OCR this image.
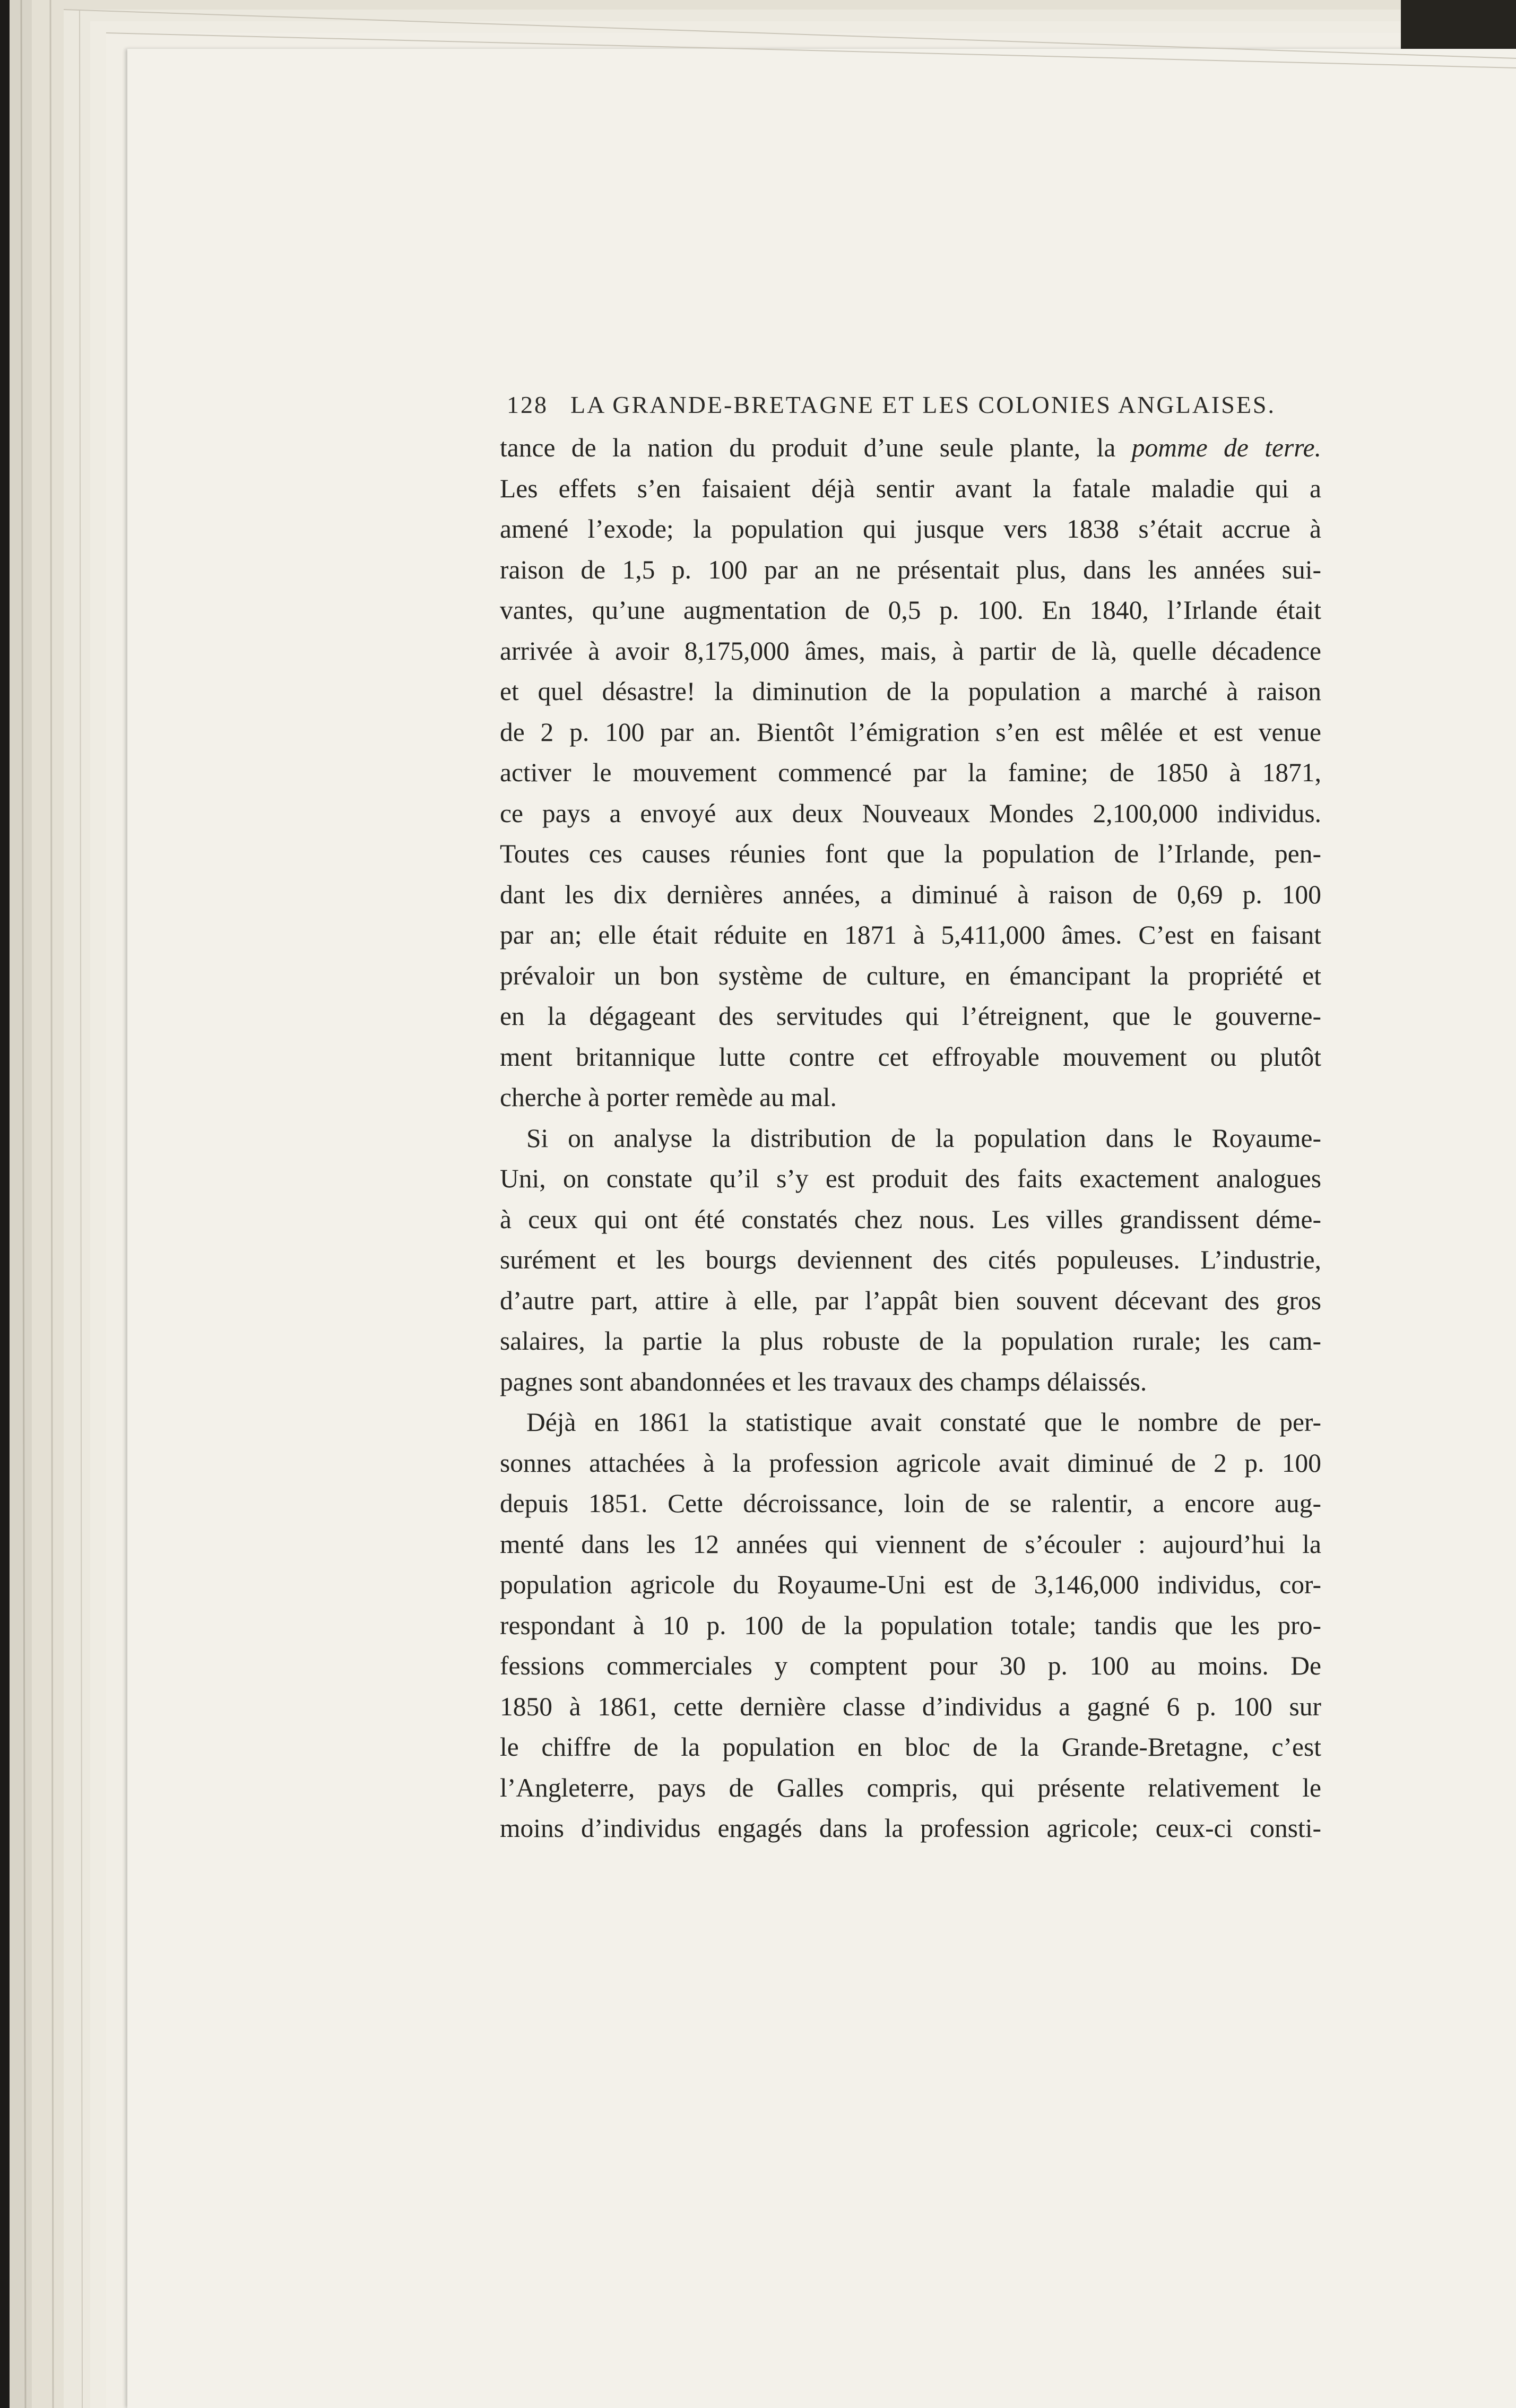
128 LA GRANDE-BRETAGNE ET LES COLONIES ANGLAISES.
tance de la nation du produit d’une seule plante, la pomme de terre.
Les effets s’en faisaient déjà sentir avant la fatale maladie qui a
amené l’exode; la population qui jusque vers 1838 s’était accrue à
raison de 1,5 p. 100 par an ne présentait plus, dans les années sui-
vantes, qu’une augmentation de 0,5 p. 100. En 1840, l’Irlande était
arrivée à avoir 8,175,000 âmes, mais, à partir de là, quelle décadence
et quel désastre! la diminution de la population a marché à raison
de 2 p. 100 par an. Bientôt l’émigration s’en est mêlée et est venue
activer le mouvement commencé par la famine; de 1850 à 1871,
ce pays a envoyé aux deux Nouveaux Mondes 2,100,000 individus.
Toutes ces causes réunies font que la population de l’Irlande, pen-
dant les dix dernières années, a diminué à raison de 0,69 p. 100
par an; elle était réduite en 1871 à 5,411,000 âmes. C’est en faisant
prévaloir un bon système de culture, en émancipant la propriété et
en la dégageant des servitudes qui l’étreignent, que le gouverne-
ment britannique lutte contre cet effroyable mouvement ou plutôt
cherche à porter remède au mal.
Si on analyse la distribution de la population dans le Royaume-
Uni, on constate qu’il s’y est produit des faits exactement analogues
à ceux qui ont été constatés chez nous. Les villes grandissent déme-
surément et les bourgs deviennent des cités populeuses. L’industrie,
d’autre part, attire à elle, par l’appât bien souvent décevant des gros
salaires, la partie la plus robuste de la population rurale; les cam-
pagnes sont abandonnées et les travaux des champs délaissés.
Déjà en 1861 la statistique avait constaté que le nombre de per-
sonnes attachées à la profession agricole avait diminué de 2 p. 100
depuis 1851. Cette décroissance, loin de se ralentir, a encore aug-
menté dans les 12 années qui viennent de s’écouler : aujourd’hui la
population agricole du Royaume-Uni est de 3,146,000 individus, cor-
respondant à 10 p. 100 de la population totale; tandis que les pro-
fessions commerciales y comptent pour 30 p. 100 au moins. De
1850 à 1861, cette dernière classe d’individus a gagné 6 p. 100 sur
le chiffre de la population en bloc de la Grande-Bretagne, c’est
l’Angleterre, pays de Galles compris, qui présente relativement le
moins d’individus engagés dans la profession agricole; ceux-ci consti-
